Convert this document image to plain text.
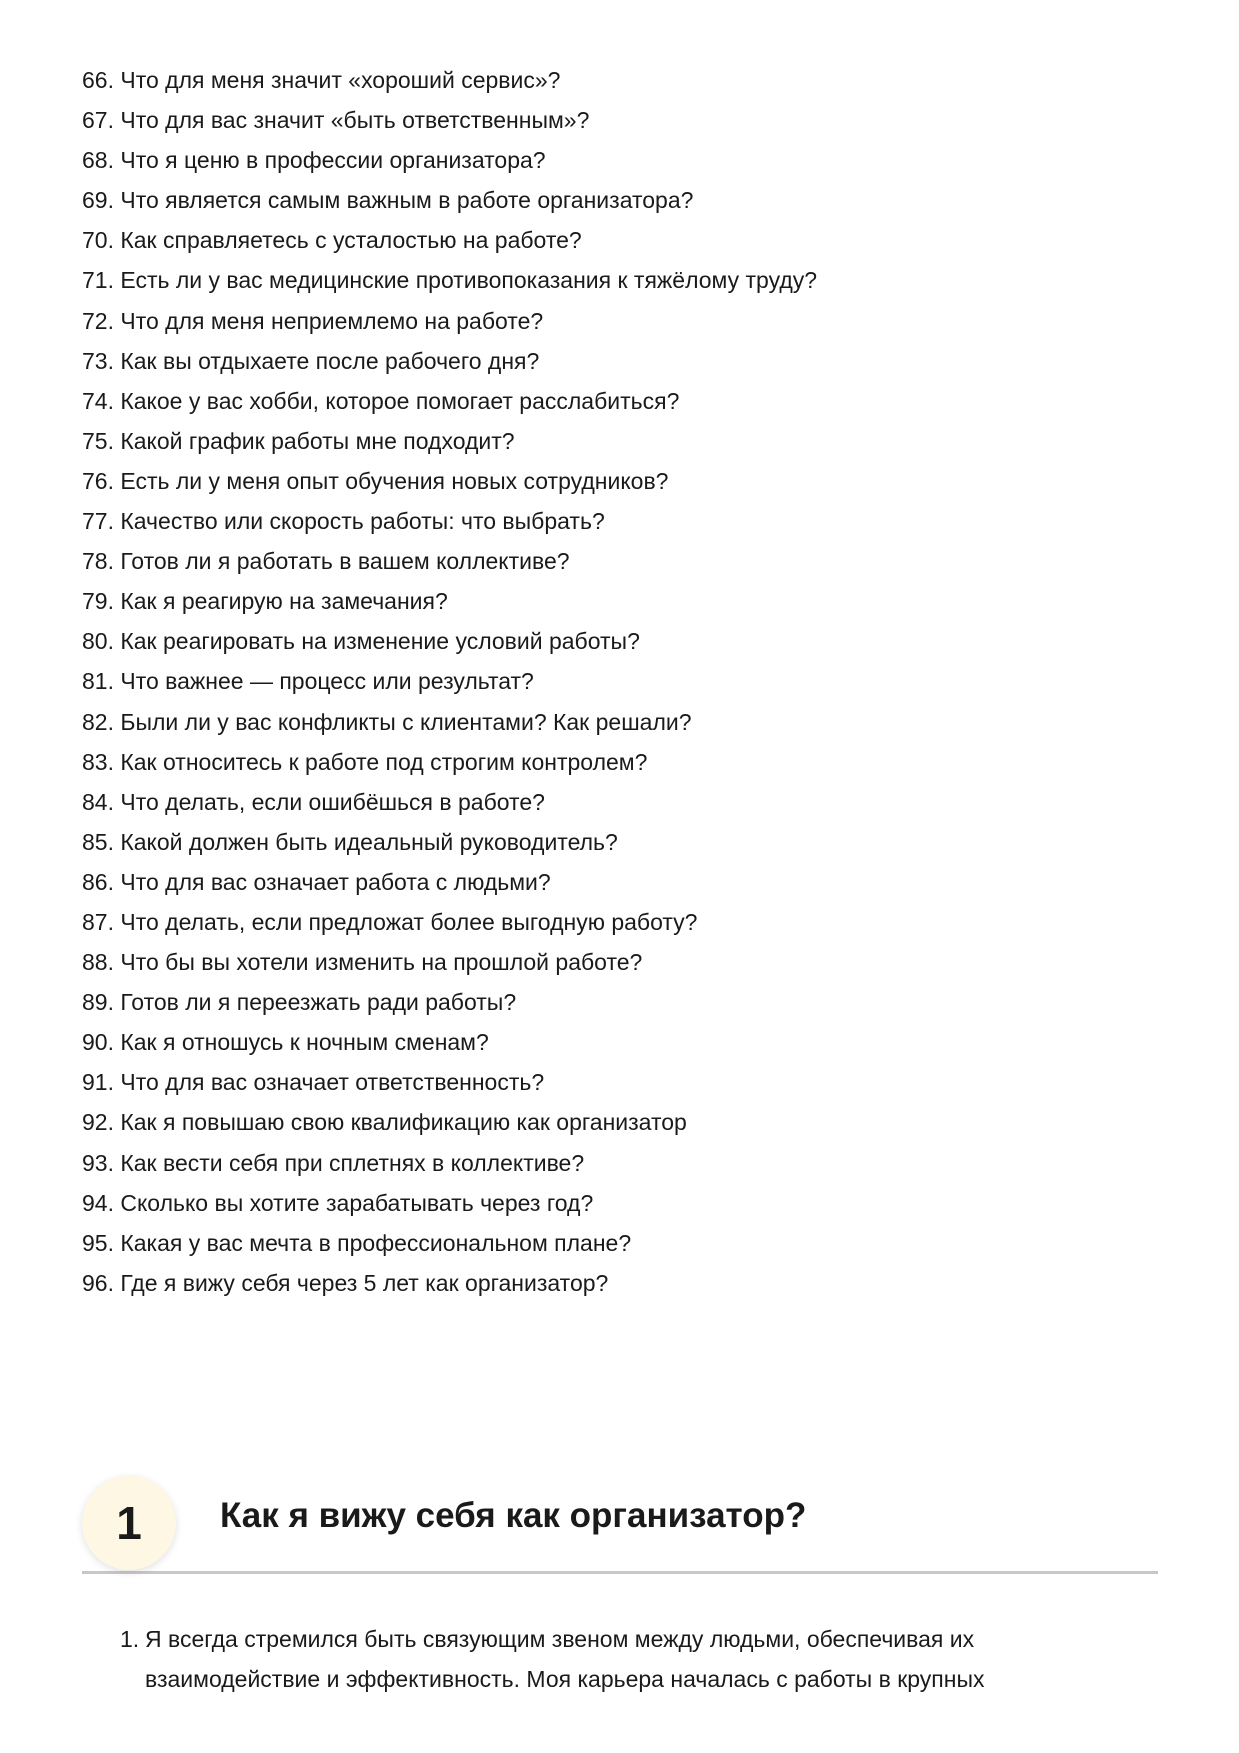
66. Что для меня значит «хороший сервис»?
67. Что для вас значит «быть ответственным»?
68. Что я ценю в профессии организатора?
69. Что является самым важным в работе организатора?
70. Как справляетесь с усталостью на работе?
71. Есть ли у вас медицинские противопоказания к тяжёлому труду?
72. Что для меня неприемлемо на работе?
73. Как вы отдыхаете после рабочего дня?
74. Какое у вас хобби, которое помогает расслабиться?
75. Какой график работы мне подходит?
76. Есть ли у меня опыт обучения новых сотрудников?
77. Качество или скорость работы: что выбрать?
78. Готов ли я работать в вашем коллективе?
79. Как я реагирую на замечания?
80. Как реагировать на изменение условий работы?
81. Что важнее — процесс или результат?
82. Были ли у вас конфликты с клиентами? Как решали?
83. Как относитесь к работе под строгим контролем?
84. Что делать, если ошибёшься в работе?
85. Какой должен быть идеальный руководитель?
86. Что для вас означает работа с людьми?
87. Что делать, если предложат более выгодную работу?
88. Что бы вы хотели изменить на прошлой работе?
89. Готов ли я переезжать ради работы?
90. Как я отношусь к ночным сменам?
91. Что для вас означает ответственность?
92. Как я повышаю свою квалификацию как организатор
93. Как вести себя при сплетнях в коллективе?
94. Сколько вы хотите зарабатывать через год?
95. Какая у вас мечта в профессиональном плане?
96. Где я вижу себя через 5 лет как организатор?
1	Как я вижу себя как организатор?
1. Я всегда стремился быть связующим звеном между людьми, обеспечивая их взаимодействие и эффективность. Моя карьера началась с работы в крупных
